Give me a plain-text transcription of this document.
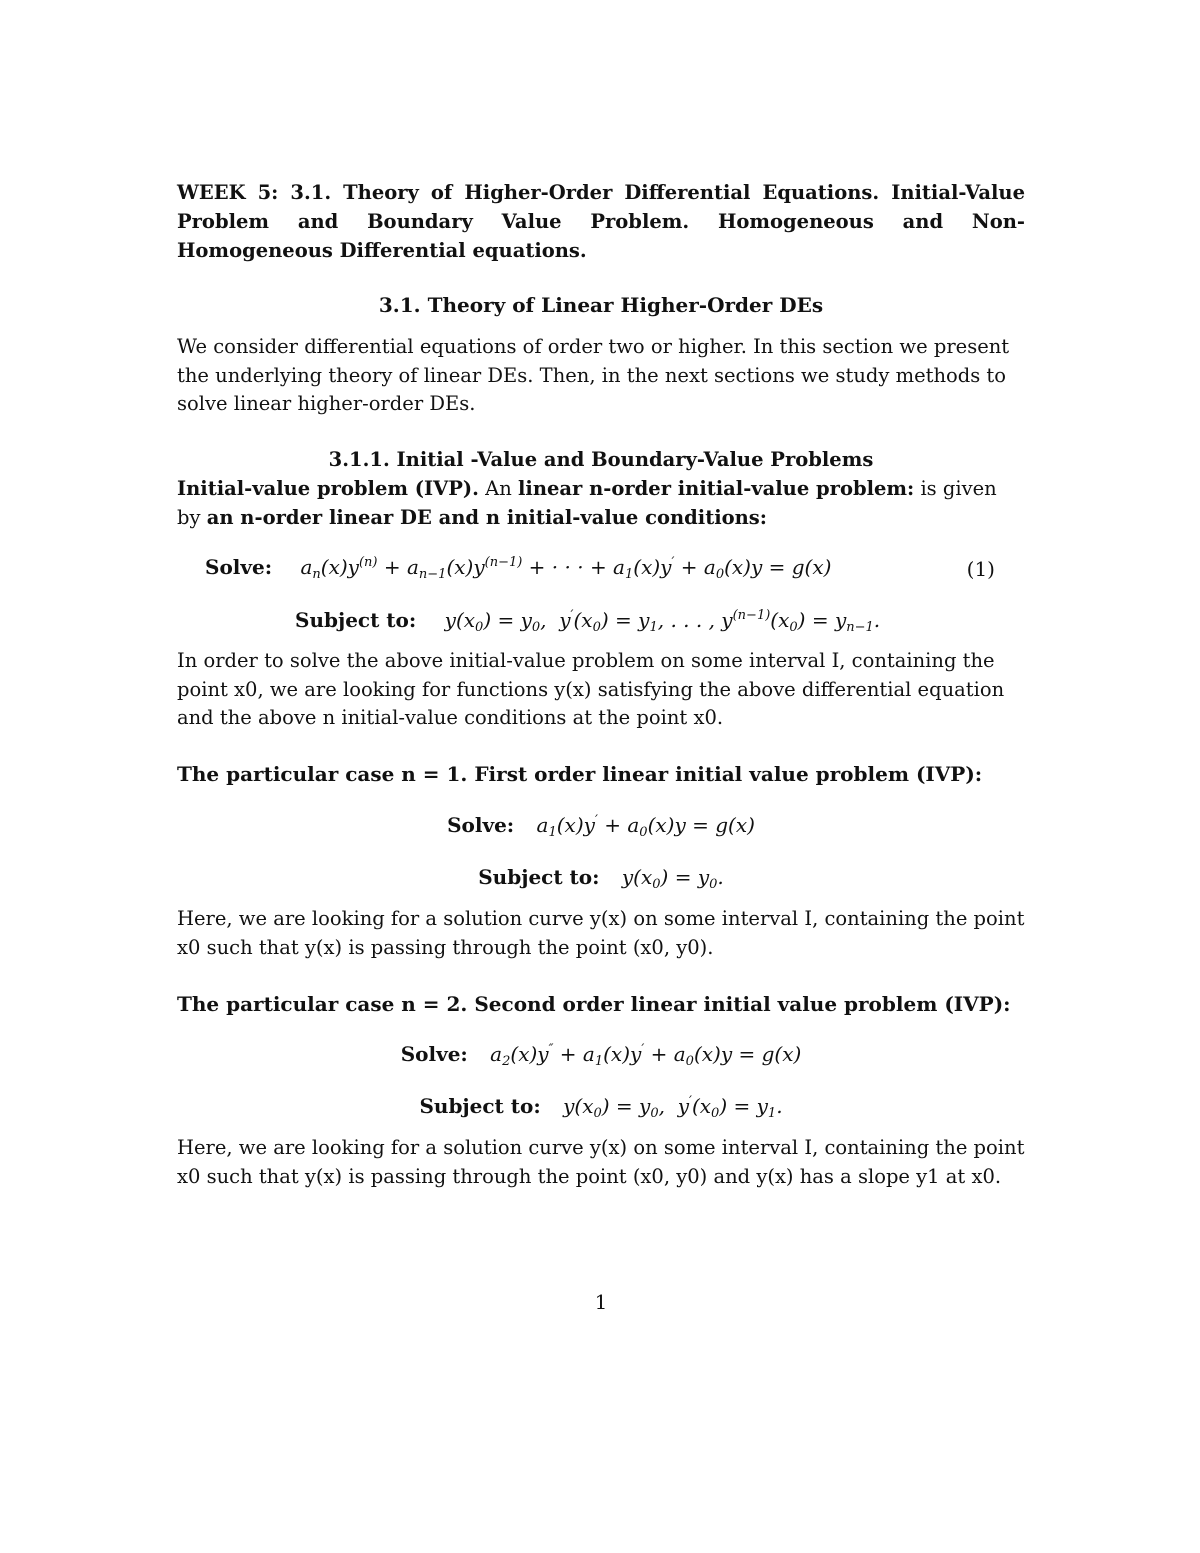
WEEK 5: 3.1. Theory of Higher-Order Differential Equations. Initial-Value Problem and Boundary Value Problem. Homogeneous and Non-Homogeneous Differential equations.
3.1. Theory of Linear Higher-Order DEs
We consider differential equations of order two or higher. In this section we present
the underlying theory of linear DEs. Then, in the next sections we study methods to
solve linear higher-order DEs.
3.1.1. Initial -Value and Boundary-Value Problems
Initial-value problem (IVP). An linear n-order initial-value problem: is given
by an n-order linear DE and n initial-value conditions:
Solve: $a_n(x)y^{(n)} + a_{n-1}(x)y^{(n-1)}$ + · · · + $a_1(x)y' + a_0(x)y = g(x)$	(1)
Subject to: $y(x_0) = y_0$,  $y'(x_0) = y_1$, . . . , $y^{(n-1)}(x_0) = y_{n-1}$.
In order to solve the above initial-value problem on some interval I, containing the
point x0, we are looking for functions y(x) satisfying the above differential equation
and the above n initial-value conditions at the point x0.
The particular case n = 1. First order linear initial value problem (IVP):
Solve: $a_1(x)y' + a_0(x)y = g(x)$
Subject to: $y(x_0) = y_0$.
Here, we are looking for a solution curve y(x) on some interval I, containing the point
x0 such that y(x) is passing through the point (x0, y0).
The particular case n = 2. Second order linear initial value problem (IVP):
Solve: $a_2(x)y'' + a_1(x)y' + a_0(x)y = g(x)$
Subject to: $y(x_0) = y_0$,  $y'(x_0) = y_1$.
Here, we are looking for a solution curve y(x) on some interval I, containing the point
x0 such that y(x) is passing through the point (x0, y0) and y(x) has a slope y1 at x0.
1
